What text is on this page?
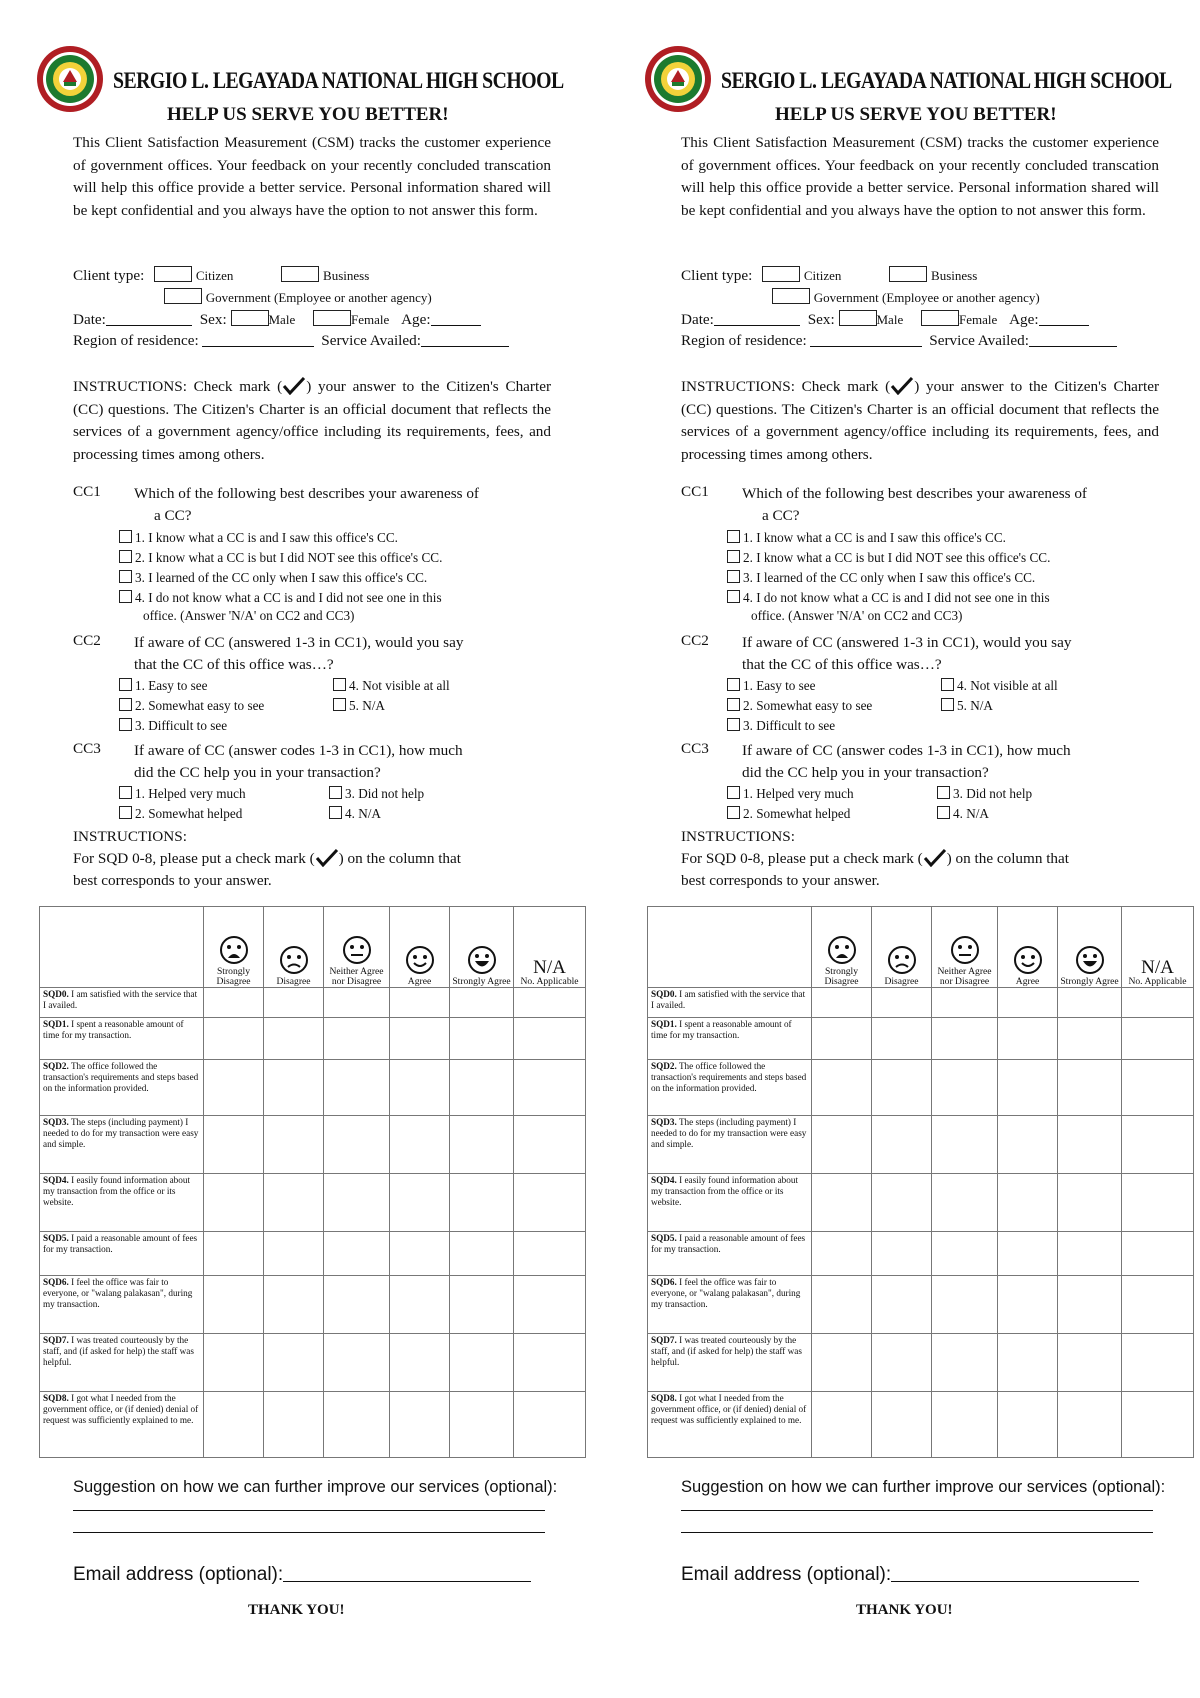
SERGIO L. LEGAYADA NATIONAL HIGH SCHOOL
HELP US SERVE YOU BETTER!
This Client Satisfaction Measurement (CSM) tracks the customer experience of government offices. Your feedback on your recently concluded transcation will help this office provide a better service. Personal information shared will be kept confidential and you always have the option to not answer this form.
Client type:	Citizen	Business
Government (Employee or another agency)
Date:	Sex:	Male	Female Age:
Region of residence:	Service Availed:
INSTRUCTIONS: Check mark ( ) your answer to the Citizen's Charter (CC) questions. The Citizen's Charter is an official document that reflects the services of a government agency/office including its requirements, fees, and processing times among others.
CC1 Which of the following best describes your awareness of
a CC?
1. I know what a CC is and I saw this office's CC.
2. I know what a CC is but I did NOT see this office's CC.
3. I learned of the CC only when I saw this office's CC.
4. I do not know what a CC is and I did not see one in this
office. (Answer 'N/A' on CC2 and CC3)
CC2 If aware of CC (answered 1-3 in CC1), would you say
that the CC of this office was…?
1. Easy to see
2. Somewhat easy to see
3. Difficult to see
4. Not visible at all
5. N/A
CC3 If aware of CC (answer codes 1-3 in CC1), how much
did the CC help you in your transaction?
1. Helped very much
2. Somewhat helped
3. Did not help
4. N/A
INSTRUCTIONS:
For SQD 0-8, please put a check mark ( ) on the column that
best corresponds to your answer.

Strongly Disagree	Disagree	Neither Agree nor Disagree	Agree	Strongly Agree	N/A
No. Applicable
SQD0. I am satisfied with the service that I availed.						
SQD1. I spent a reasonable amount of time for my transaction.						
SQD2. The office followed the transaction's requirements and steps based on the information provided.						
SQD3. The steps (including payment) I needed to do for my transaction were easy and simple.						
SQD4. I easily found information about my transaction from the office or its website.						
SQD5. I paid a reasonable amount of fees for my transaction.						
SQD6. I feel the office was fair to everyone, or "walang palakasan", during my transaction.						
SQD7. I was treated courteously by the staff, and (if asked for help) the staff was helpful.						
SQD8. I got what I needed from the government office, or (if denied) denial of request was sufficiently explained to me.						
Suggestion on how we can further improve our services (optional):
Email address (optional):
THANK YOU!
SERGIO L. LEGAYADA NATIONAL HIGH SCHOOL
HELP US SERVE YOU BETTER!
This Client Satisfaction Measurement (CSM) tracks the customer experience of government offices. Your feedback on your recently concluded transcation will help this office provide a better service. Personal information shared will be kept confidential and you always have the option to not answer this form.
Client type:	Citizen	Business
Government (Employee or another agency)
Date:	Sex:	Male	Female Age:
Region of residence:	Service Availed:
INSTRUCTIONS: Check mark ( ) your answer to the Citizen's Charter (CC) questions. The Citizen's Charter is an official document that reflects the services of a government agency/office including its requirements, fees, and processing times among others.
CC1 Which of the following best describes your awareness of
a CC?
1. I know what a CC is and I saw this office's CC.
2. I know what a CC is but I did NOT see this office's CC.
3. I learned of the CC only when I saw this office's CC.
4. I do not know what a CC is and I did not see one in this
office. (Answer 'N/A' on CC2 and CC3)
CC2 If aware of CC (answered 1-3 in CC1), would you say
that the CC of this office was…?
1. Easy to see
2. Somewhat easy to see
3. Difficult to see
4. Not visible at all
5. N/A
CC3 If aware of CC (answer codes 1-3 in CC1), how much
did the CC help you in your transaction?
1. Helped very much
2. Somewhat helped
3. Did not help
4. N/A
INSTRUCTIONS:
For SQD 0-8, please put a check mark ( ) on the column that
best corresponds to your answer.

Strongly Disagree	Disagree	Neither Agree nor Disagree	Agree	Strongly Agree	N/A
No. Applicable
SQD0. I am satisfied with the service that I availed.						
SQD1. I spent a reasonable amount of time for my transaction.						
SQD2. The office followed the transaction's requirements and steps based on the information provided.						
SQD3. The steps (including payment) I needed to do for my transaction were easy and simple.						
SQD4. I easily found information about my transaction from the office or its website.						
SQD5. I paid a reasonable amount of fees for my transaction.						
SQD6. I feel the office was fair to everyone, or "walang palakasan", during my transaction.						
SQD7. I was treated courteously by the staff, and (if asked for help) the staff was helpful.						
SQD8. I got what I needed from the government office, or (if denied) denial of request was sufficiently explained to me.						
Suggestion on how we can further improve our services (optional):
Email address (optional):
THANK YOU!
